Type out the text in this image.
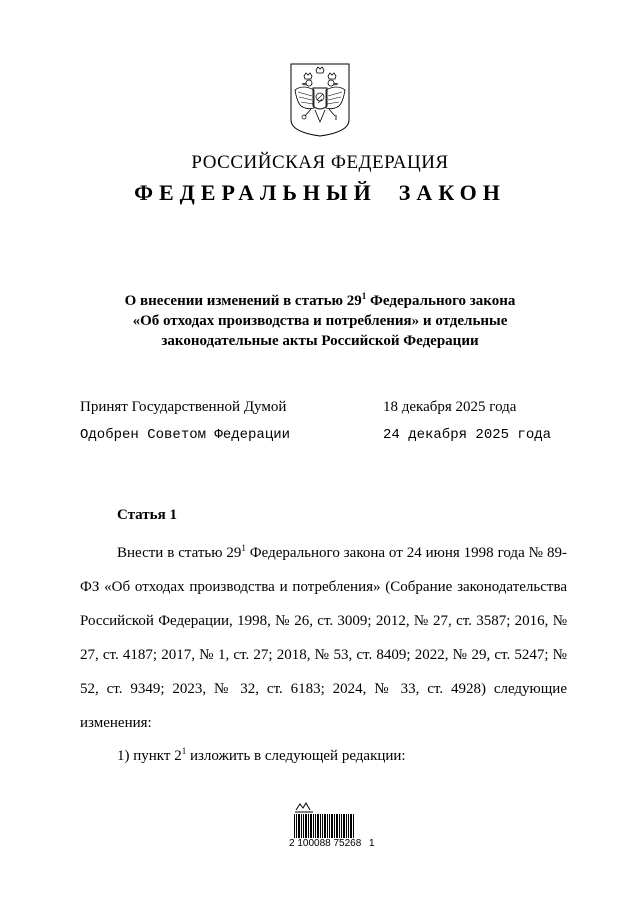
РОССИЙСКАЯ ФЕДЕРАЦИЯ
ФЕДЕРАЛЬНЫЙ ЗАКОН
О внесении изменений в статью $29^1$ Федерального закона
«Об отходах производства и потребления» и отдельные
законодательные акты Российской Федерации
Принят Государственной Думой	18 декабря 2025 года
Одобрен Советом Федерации	24 декабря 2025 года
Статья 1

Внести в статью $29^1$ Федерального закона от 24 июня 1998 года № 89-ФЗ «Об отходах производства и потребления» (Собрание законодательства Российской Федерации, 1998, № 26, ст. 3009; 2012, № 27, ст. 3587; 2016, № 27, ст. 4187; 2017, № 1, ст. 27; 2018, № 53, ст. 8409; 2022, № 29, ст. 5247; № 52, ст. 9349; 2023, № 32, ст. 6183; 2024, № 33, ст. 4928) следующие изменения:

1) пункт $2^1$ изложить в следующей редакции:
2 100088 75268 1
